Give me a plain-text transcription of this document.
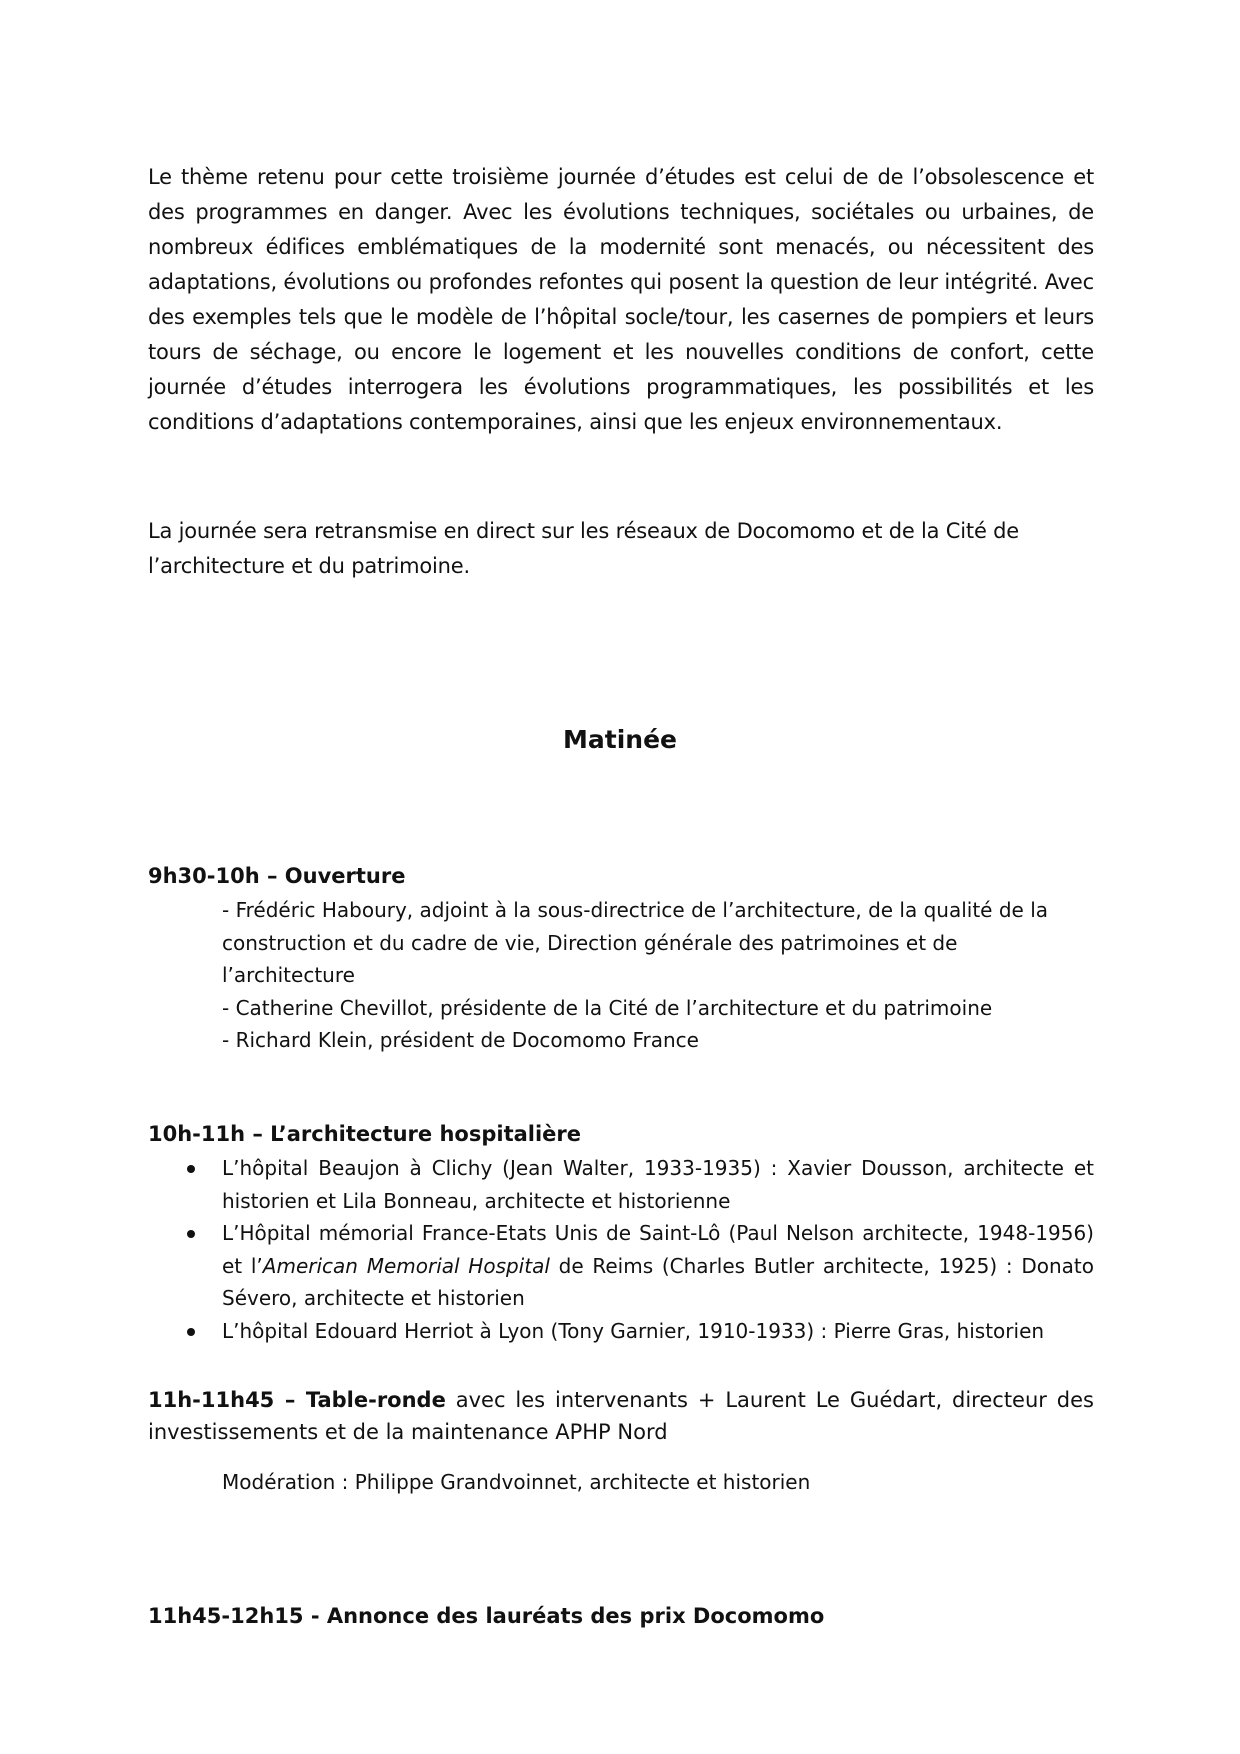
Le thème retenu pour cette troisième journée d’études est celui de de l’obsolescence et des programmes en danger. Avec les évolutions techniques, sociétales ou urbaines, de nombreux édifices emblématiques de la modernité sont menacés, ou nécessitent des adaptations, évolutions ou profondes refontes qui posent la question de leur intégrité. Avec des exemples tels que le modèle de l’hôpital socle/tour, les casernes de pompiers et leurs tours de séchage, ou encore le logement et les nouvelles conditions de confort, cette journée d’études interrogera les évolutions programmatiques, les possibilités et les conditions d’adaptations contemporaines, ainsi que les enjeux environnementaux.

La journée sera retransmise en direct sur les réseaux de Docomomo et de la Cité de l’architecture et du patrimoine.

Matinée

9h30-10h – Ouverture

- Frédéric Haboury, adjoint à la sous-directrice de l’architecture, de la qualité de la construction et du cadre de vie, Direction générale des patrimoines et de l’architecture
- Catherine Chevillot, présidente de la Cité de l’architecture et du patrimoine
- Richard Klein, président de Docomomo France

10h-11h – L’architecture hospitalière

L’hôpital Beaujon à Clichy (Jean Walter, 1933-1935) : Xavier Dousson, architecte et historien et Lila Bonneau, architecte et historienne
L’Hôpital mémorial France-Etats Unis de Saint-Lô (Paul Nelson architecte, 1948-1956) et l’American Memorial Hospital de Reims (Charles Butler architecte, 1925) : Donato Sévero, architecte et historien
L’hôpital Edouard Herriot à Lyon (Tony Garnier, 1910-1933) : Pierre Gras, historien

11h-11h45 – Table-ronde avec les intervenants + Laurent Le Guédart, directeur des investissements et de la maintenance APHP Nord

Modération : Philippe Grandvoinnet, architecte et historien

11h45-12h15 - Annonce des lauréats des prix Docomomo
